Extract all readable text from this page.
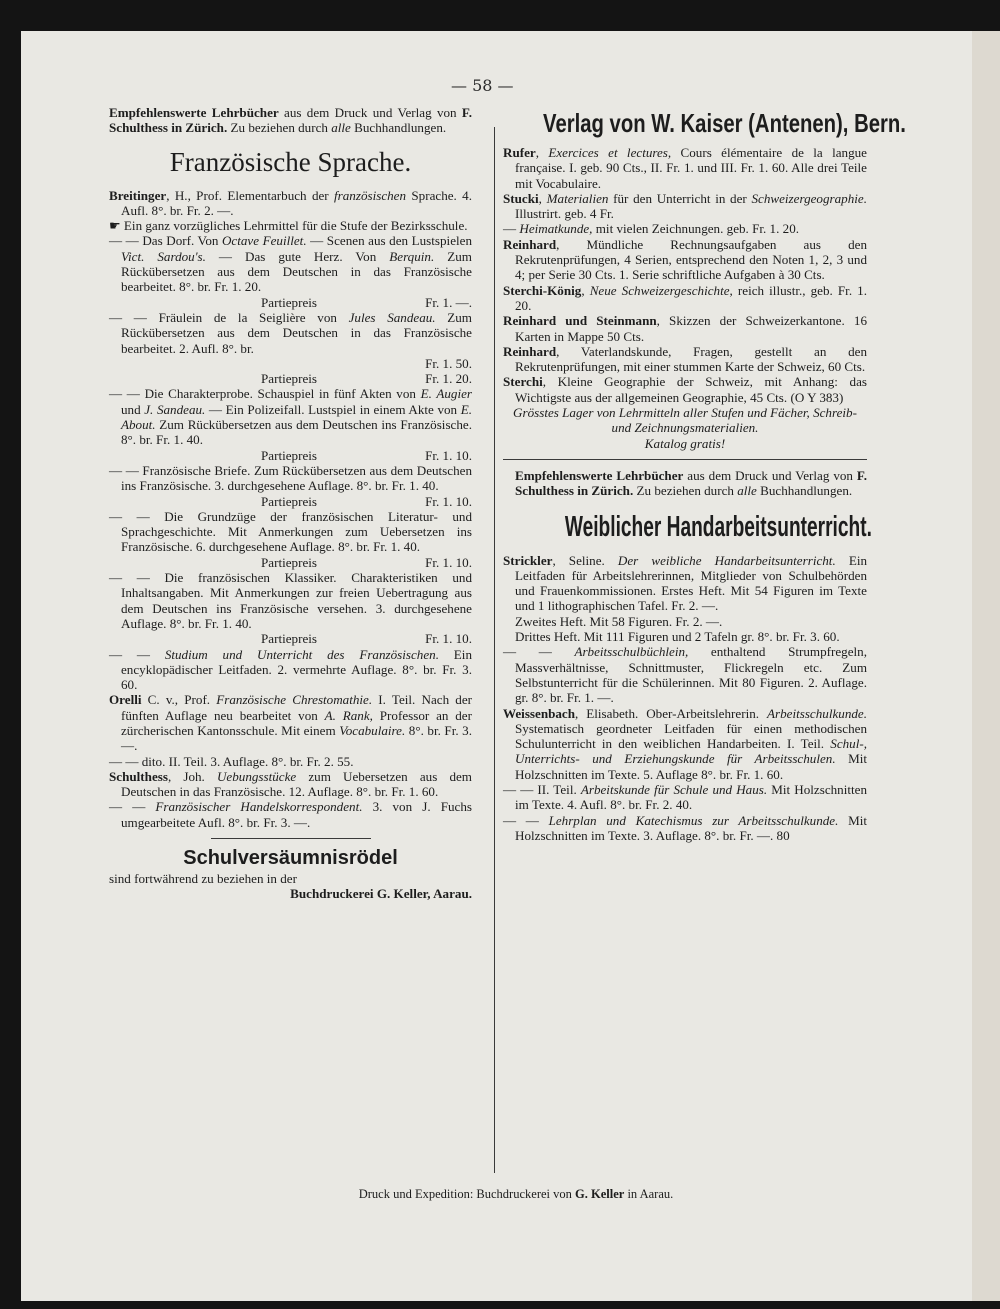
— 58 —

Empfehlenswerte Lehrbücher aus dem Druck und Verlag von F. Schulthess in Zürich. Zu beziehen durch alle Buchhandlungen.

Französische Sprache.

Breitinger, H., Prof. Elementarbuch der französischen Sprache. 4. Aufl. 8°. br. Fr. 2. —.

☛ Ein ganz vorzügliches Lehrmittel für die Stufe der Bezirksschule.

— — Das Dorf. Von Octave Feuillet. — Scenen aus den Lustspielen Vict. Sardou's. — Das gute Herz. Von Berquin. Zum Rückübersetzen aus dem Deutschen in das Französische bearbeitet. 8°. br. Fr. 1. 20.

Partiepreis	Fr. 1. —.

— — Fräulein de la Seiglière von Jules Sandeau. Zum Rückübersetzen aus dem Deutschen in das Französische bearbeitet. 2. Aufl. 8°. br.

Fr. 1. 50.
Partiepreis	Fr. 1. 20.

— — Die Charakterprobe. Schauspiel in fünf Akten von E. Augier und J. Sandeau. — Ein Polizeifall. Lustspiel in einem Akte von E. About. Zum Rückübersetzen aus dem Deutschen ins Französische. 8°. br. Fr. 1. 40.

Partiepreis	Fr. 1. 10.

— — Französische Briefe. Zum Rückübersetzen aus dem Deutschen ins Französische. 3. durchgesehene Auflage. 8°. br. Fr. 1. 40.

Partiepreis	Fr. 1. 10.

— — Die Grundzüge der französischen Literatur- und Sprachgeschichte. Mit Anmerkungen zum Uebersetzen ins Französische. 6. durchgesehene Auflage. 8°. br. Fr. 1. 40.

Partiepreis	Fr. 1. 10.

— — Die französischen Klassiker. Charakteristiken und Inhaltsangaben. Mit Anmerkungen zur freien Uebertragung aus dem Deutschen ins Französische versehen. 3. durchgesehene Auflage. 8°. br. Fr. 1. 40.

Partiepreis	Fr. 1. 10.

— — Studium und Unterricht des Französischen. Ein encyklopädischer Leitfaden. 2. vermehrte Auflage. 8°. br. Fr. 3. 60.

Orelli C. v., Prof. Französische Chrestomathie. I. Teil. Nach der fünften Auflage neu bearbeitet von A. Rank, Professor an der zürcherischen Kantonsschule. Mit einem Vocabulaire. 8°. br. Fr. 3. —.

— — dito. II. Teil. 3. Auflage. 8°. br. Fr. 2. 55.

Schulthess, Joh. Uebungsstücke zum Uebersetzen aus dem Deutschen in das Französische. 12. Auflage. 8°. br. Fr. 1. 60.

— — Französischer Handelskorrespondent. 3. von J. Fuchs umgearbeitete Aufl. 8°. br. Fr. 3. —.

Schulversäumnisrödel
sind fortwährend zu beziehen in der
Buchdruckerei G. Keller, Aarau.
Verlag von W. Kaiser (Antenen), Bern.

Rufer, Exercices et lectures, Cours élémentaire de la langue française. I. geb. 90 Cts., II. Fr. 1. und III. Fr. 1. 60. Alle drei Teile mit Vocabulaire.

Stucki, Materialien für den Unterricht in der Schweizergeographie. Illustrirt. geb. 4 Fr.

— Heimatkunde, mit vielen Zeichnungen. geb. Fr. 1. 20.

Reinhard, Mündliche Rechnungsaufgaben aus den Rekrutenprüfungen, 4 Serien, entsprechend den Noten 1, 2, 3 und 4; per Serie 30 Cts. 1. Serie schriftliche Aufgaben à 30 Cts.

Sterchi-König, Neue Schweizergeschichte, reich illustr., geb. Fr. 1. 20.

Reinhard und Steinmann, Skizzen der Schweizerkantone. 16 Karten in Mappe 50 Cts.

Reinhard, Vaterlandskunde, Fragen, gestellt an den Rekrutenprüfungen, mit einer stummen Karte der Schweiz, 60 Cts.

Sterchi, Kleine Geographie der Schweiz, mit Anhang: das Wichtigste aus der allgemeinen Geographie, 45 Cts. (O Y 383)

Grösstes Lager von Lehrmitteln aller Stufen und Fächer, Schreib- und Zeichnungsmaterialien.

Katalog gratis!

Empfehlenswerte Lehrbücher aus dem Druck und Verlag von F. Schulthess in Zürich. Zu beziehen durch alle Buchhandlungen.

Weiblicher Handarbeitsunterricht.

Strickler, Seline. Der weibliche Handarbeitsunterricht. Ein Leitfaden für Arbeitslehrerinnen, Mitglieder von Schulbehörden und Frauenkommissionen. Erstes Heft. Mit 54 Figuren im Texte und 1 lithographischen Tafel. Fr. 2. —.

Zweites Heft. Mit 58 Figuren. Fr. 2. —.

Drittes Heft. Mit 111 Figuren und 2 Tafeln gr. 8°. br. Fr. 3. 60.

— — Arbeitsschulbüchlein, enthaltend Strumpfregeln, Massverhältnisse, Schnittmuster, Flickregeln etc. Zum Selbstunterricht für die Schülerinnen. Mit 80 Figuren. 2. Auflage. gr. 8°. br. Fr. 1. —.

Weissenbach, Elisabeth. Ober-Arbeitslehrerin. Arbeitsschulkunde. Systematisch geordneter Leitfaden für einen methodischen Schulunterricht in den weiblichen Handarbeiten. I. Teil. Schul-, Unterrichts- und Erziehungskunde für Arbeitsschulen. Mit Holzschnitten im Texte. 5. Auflage 8°. br. Fr. 1. 60.

— — II. Teil. Arbeitskunde für Schule und Haus. Mit Holzschnitten im Texte. 4. Aufl. 8°. br. Fr. 2. 40.

— — Lehrplan und Katechismus zur Arbeitsschulkunde. Mit Holzschnitten im Texte. 3. Auflage. 8°. br. Fr. —. 80

Druck und Expedition: Buchdruckerei von G. Keller in Aarau.
